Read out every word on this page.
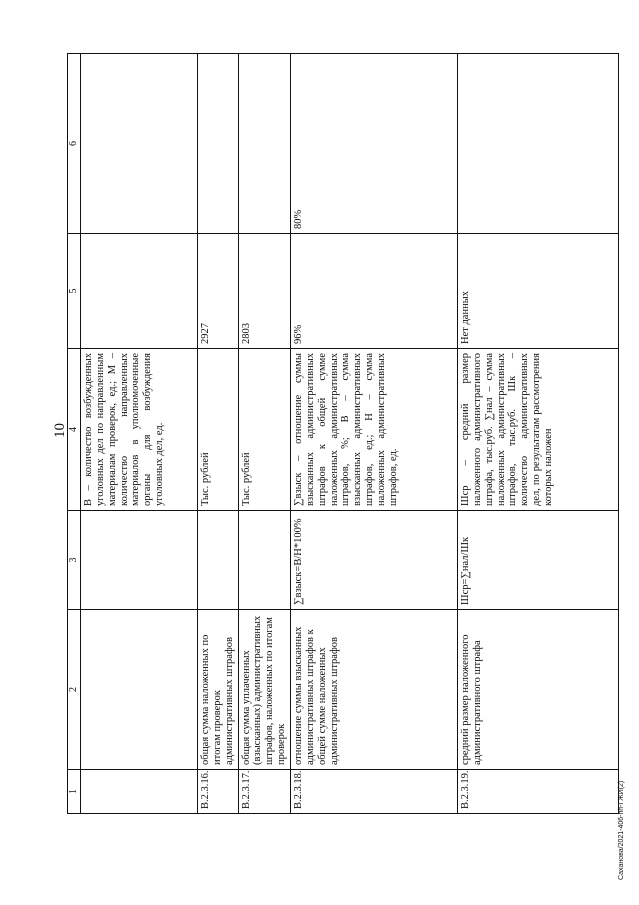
10
Саханова/2021-406-пп-ГЖИ(2)
1	2	3	4	5	6
			В – количество возбужденных уголовных дел по направленным материалам проверок, ед.; М – количество направленных материалов в уполномоченные органы для возбуждения уголовных дел, ед.		
В.2.3.16.	общая сумма наложенных по итогам проверок административных штрафов		Тыс. рублей	2927	
В.2.3.17.	общая сумма уплаченных (взысканных) административных штрафов, наложенных по итогам проверок		Тыс. рублей	2803	
В.2.3.18.	отношение суммы взысканных административных штрафов к общей сумме наложенных административных штрафов	∑взыск=В/Н*100%	∑взыск – отношение суммы взысканных административных штрафов к общей сумме наложенных административных штрафов, %; В – сумма взысканных административных штрафов, ед.; Н – сумма наложенных административных штрафов, ед.	96%	80%
В.2.3.19.	средний размер наложенного административного штрафа	Шср=∑нал/Шк	Шср – средний размер наложенного административного штрафа, тыс.руб. ∑нал – сумма наложенных административных штрафов, тыс.руб. Шк – количество административных дел, по результатам рассмотрения которых наложен	Нет данных	
